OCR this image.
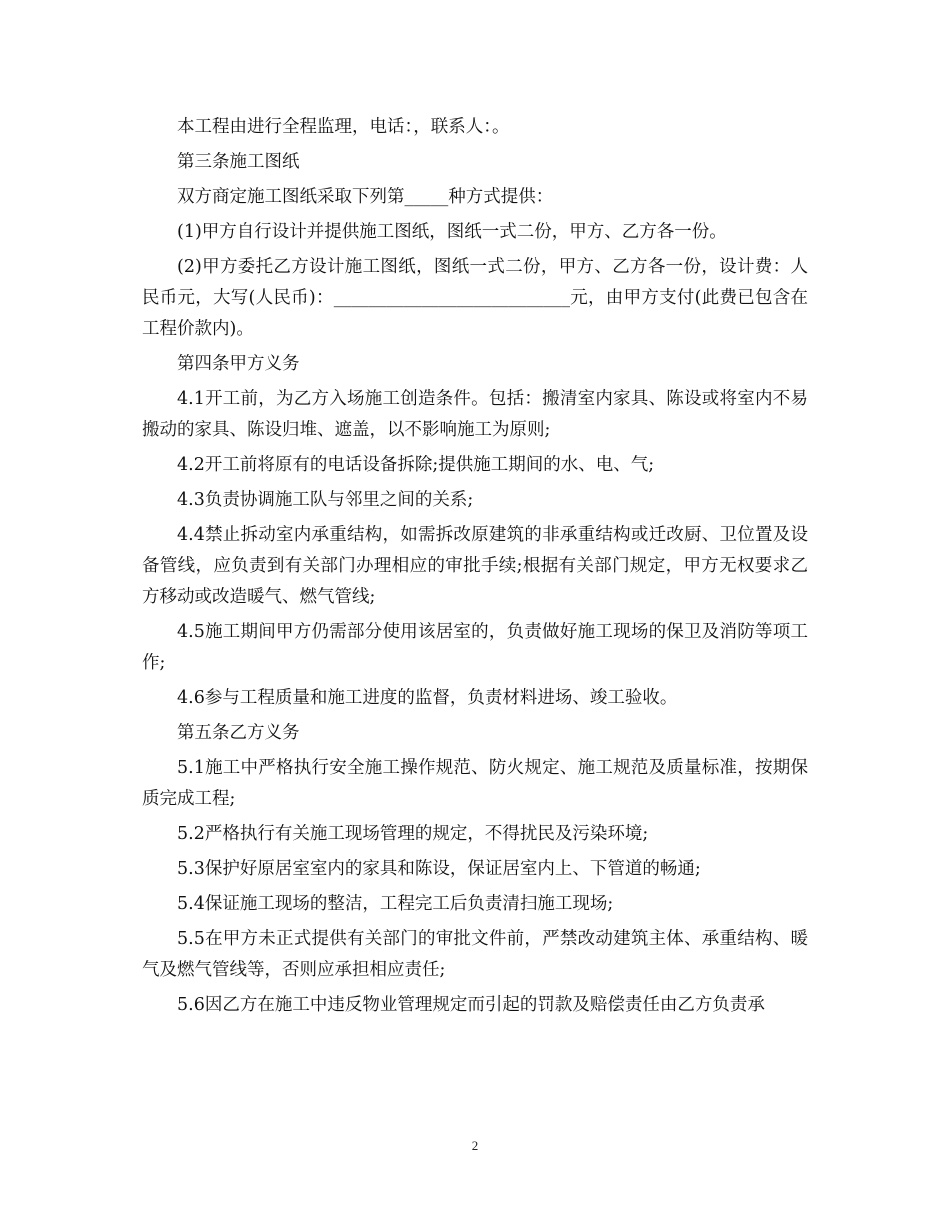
本工程由进行全程监理，电话：，联系人：。

第三条施工图纸

双方商定施工图纸采取下列第_____种方式提供：

(1)甲方自行设计并提供施工图纸，图纸一式二份，甲方、乙方各一份。

(2)甲方委托乙方设计施工图纸，图纸一式二份，甲方、乙方各一份，设计费：人民币元，大写(人民币)：___________________________元，由甲方支付(此费已包含在工程价款内)。

第四条甲方义务

4.1开工前，为乙方入场施工创造条件。包括：搬清室内家具、陈设或将室内不易搬动的家具、陈设归堆、遮盖，以不影响施工为原则;

4.2开工前将原有的电话设备拆除;提供施工期间的水、电、气;

4.3负责协调施工队与邻里之间的关系;

4.4禁止拆动室内承重结构，如需拆改原建筑的非承重结构或迁改厨、卫位置及设备管线，应负责到有关部门办理相应的审批手续;根据有关部门规定，甲方无权要求乙方移动或改造暖气、燃气管线;

4.5施工期间甲方仍需部分使用该居室的，负责做好施工现场的保卫及消防等项工作;

4.6参与工程质量和施工进度的监督，负责材料进场、竣工验收。

第五条乙方义务

5.1施工中严格执行安全施工操作规范、防火规定、施工规范及质量标准，按期保质完成工程;

5.2严格执行有关施工现场管理的规定，不得扰民及污染环境;

5.3保护好原居室室内的家具和陈设，保证居室内上、下管道的畅通;

5.4保证施工现场的整洁，工程完工后负责清扫施工现场;

5.5在甲方未正式提供有关部门的审批文件前，严禁改动建筑主体、承重结构、暖气及燃气管线等，否则应承担相应责任;

5.6因乙方在施工中违反物业管理规定而引起的罚款及赔偿责任由乙方负责承

2
